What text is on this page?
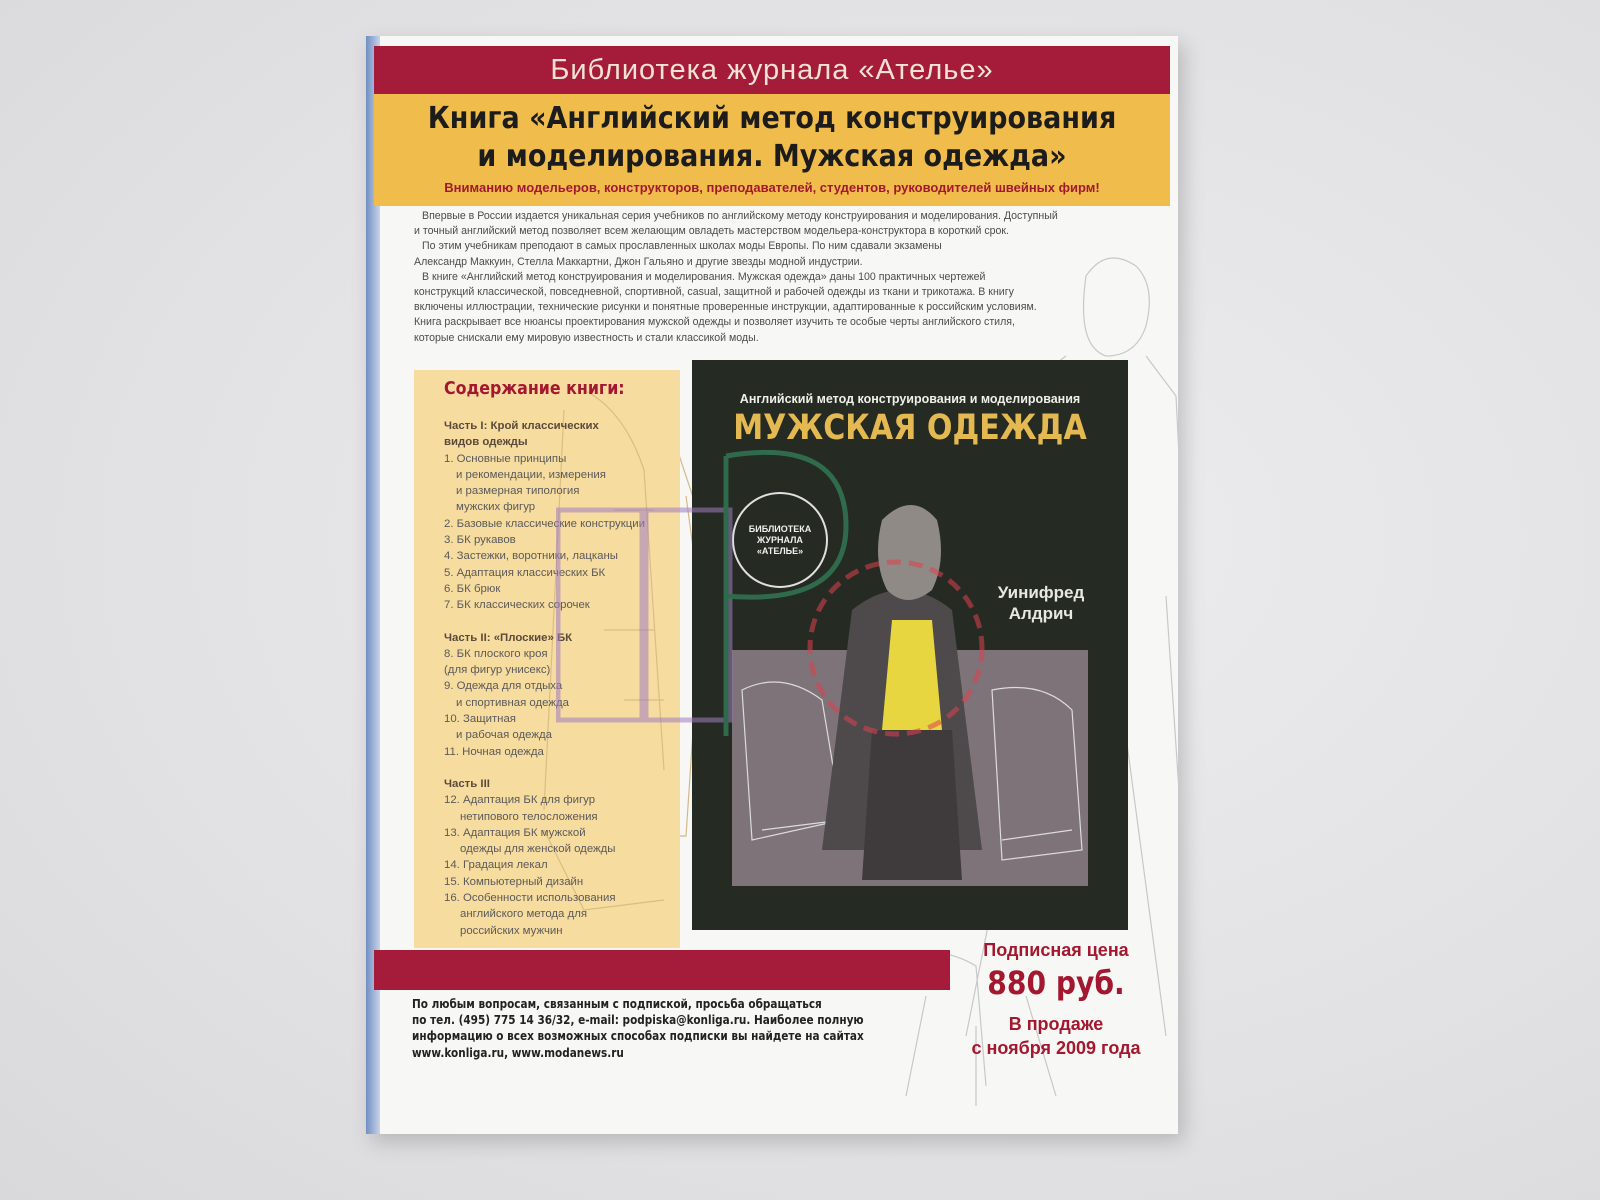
Библиотека журнала «Ателье»
Книга «Английский метод конструирования
и моделирования. Мужская одежда»
Вниманию модельеров, конструкторов, преподавателей, студентов, руководителей швейных фирм!

Впервые в России издается уникальная серия учебников по английскому методу конструирования и моделирования. Доступный

и точный английский метод позволяет всем желающим овладеть мастерством модельера-конструктора в короткий срок.

По этим учебникам преподают в самых прославленных школах моды Европы. По ним сдавали экзамены

Александр Маккуин, Стелла Маккартни, Джон Гальяно и другие звезды модной индустрии.

В книге «Английский метод конструирования и моделирования. Мужская одежда» даны 100 практичных чертежей

конструкций классической, повседневной, спортивной, casual, защитной и рабочей одежды из ткани и трикотажа. В книгу

включены иллюстрации, технические рисунки и понятные проверенные инструкции, адаптированные к российским условиям.

Книга раскрывает все нюансы проектирования мужской одежды и позволяет изучить те особые черты английского стиля,

которые снискали ему мировую известность и стали классикой моды.

Содержание книги:
Часть I: Крой классических
видов одежды
1. Основные принципы
и рекомендации, измерения
и размерная типология
мужских фигур
2. Базовые классические конструкции
3. БК рукавов
4. Застежки, воротники, лацканы
5. Адаптация классических БК
6. БК брюк
7. БК классических сорочек
Часть II: «Плоские» БК
8. БК плоского кроя
(для фигур унисекс)
9. Одежда для отдыха
и спортивная одежда
10. Защитная
и рабочая одежда
11. Ночная одежда
Часть III
12. Адаптация БК для фигур
нетипового телосложения
13. Адаптация БК мужской
одежды для женской одежды
14. Градация лекал
15. Компьютерный дизайн
16. Особенности использования
английского метода для
российских мужчин
Английский метод конструирования и моделирования
МУЖСКАЯ ОДЕЖДА
БИБЛИОТЕКА
ЖУРНАЛА
«АТЕЛЬЕ»
Уинифред
Алдрич
Подписная цена
880 руб.
В продаже
с ноября 2009 года
По любым вопросам, связанным с подпиской, просьба обращаться
по тел. (495) 775 14 36/32, e-mail: podpiska@konliga.ru. Наиболее полную
информацию о всех возможных способах подписки вы найдете на сайтах
www.konliga.ru, www.modanews.ru
